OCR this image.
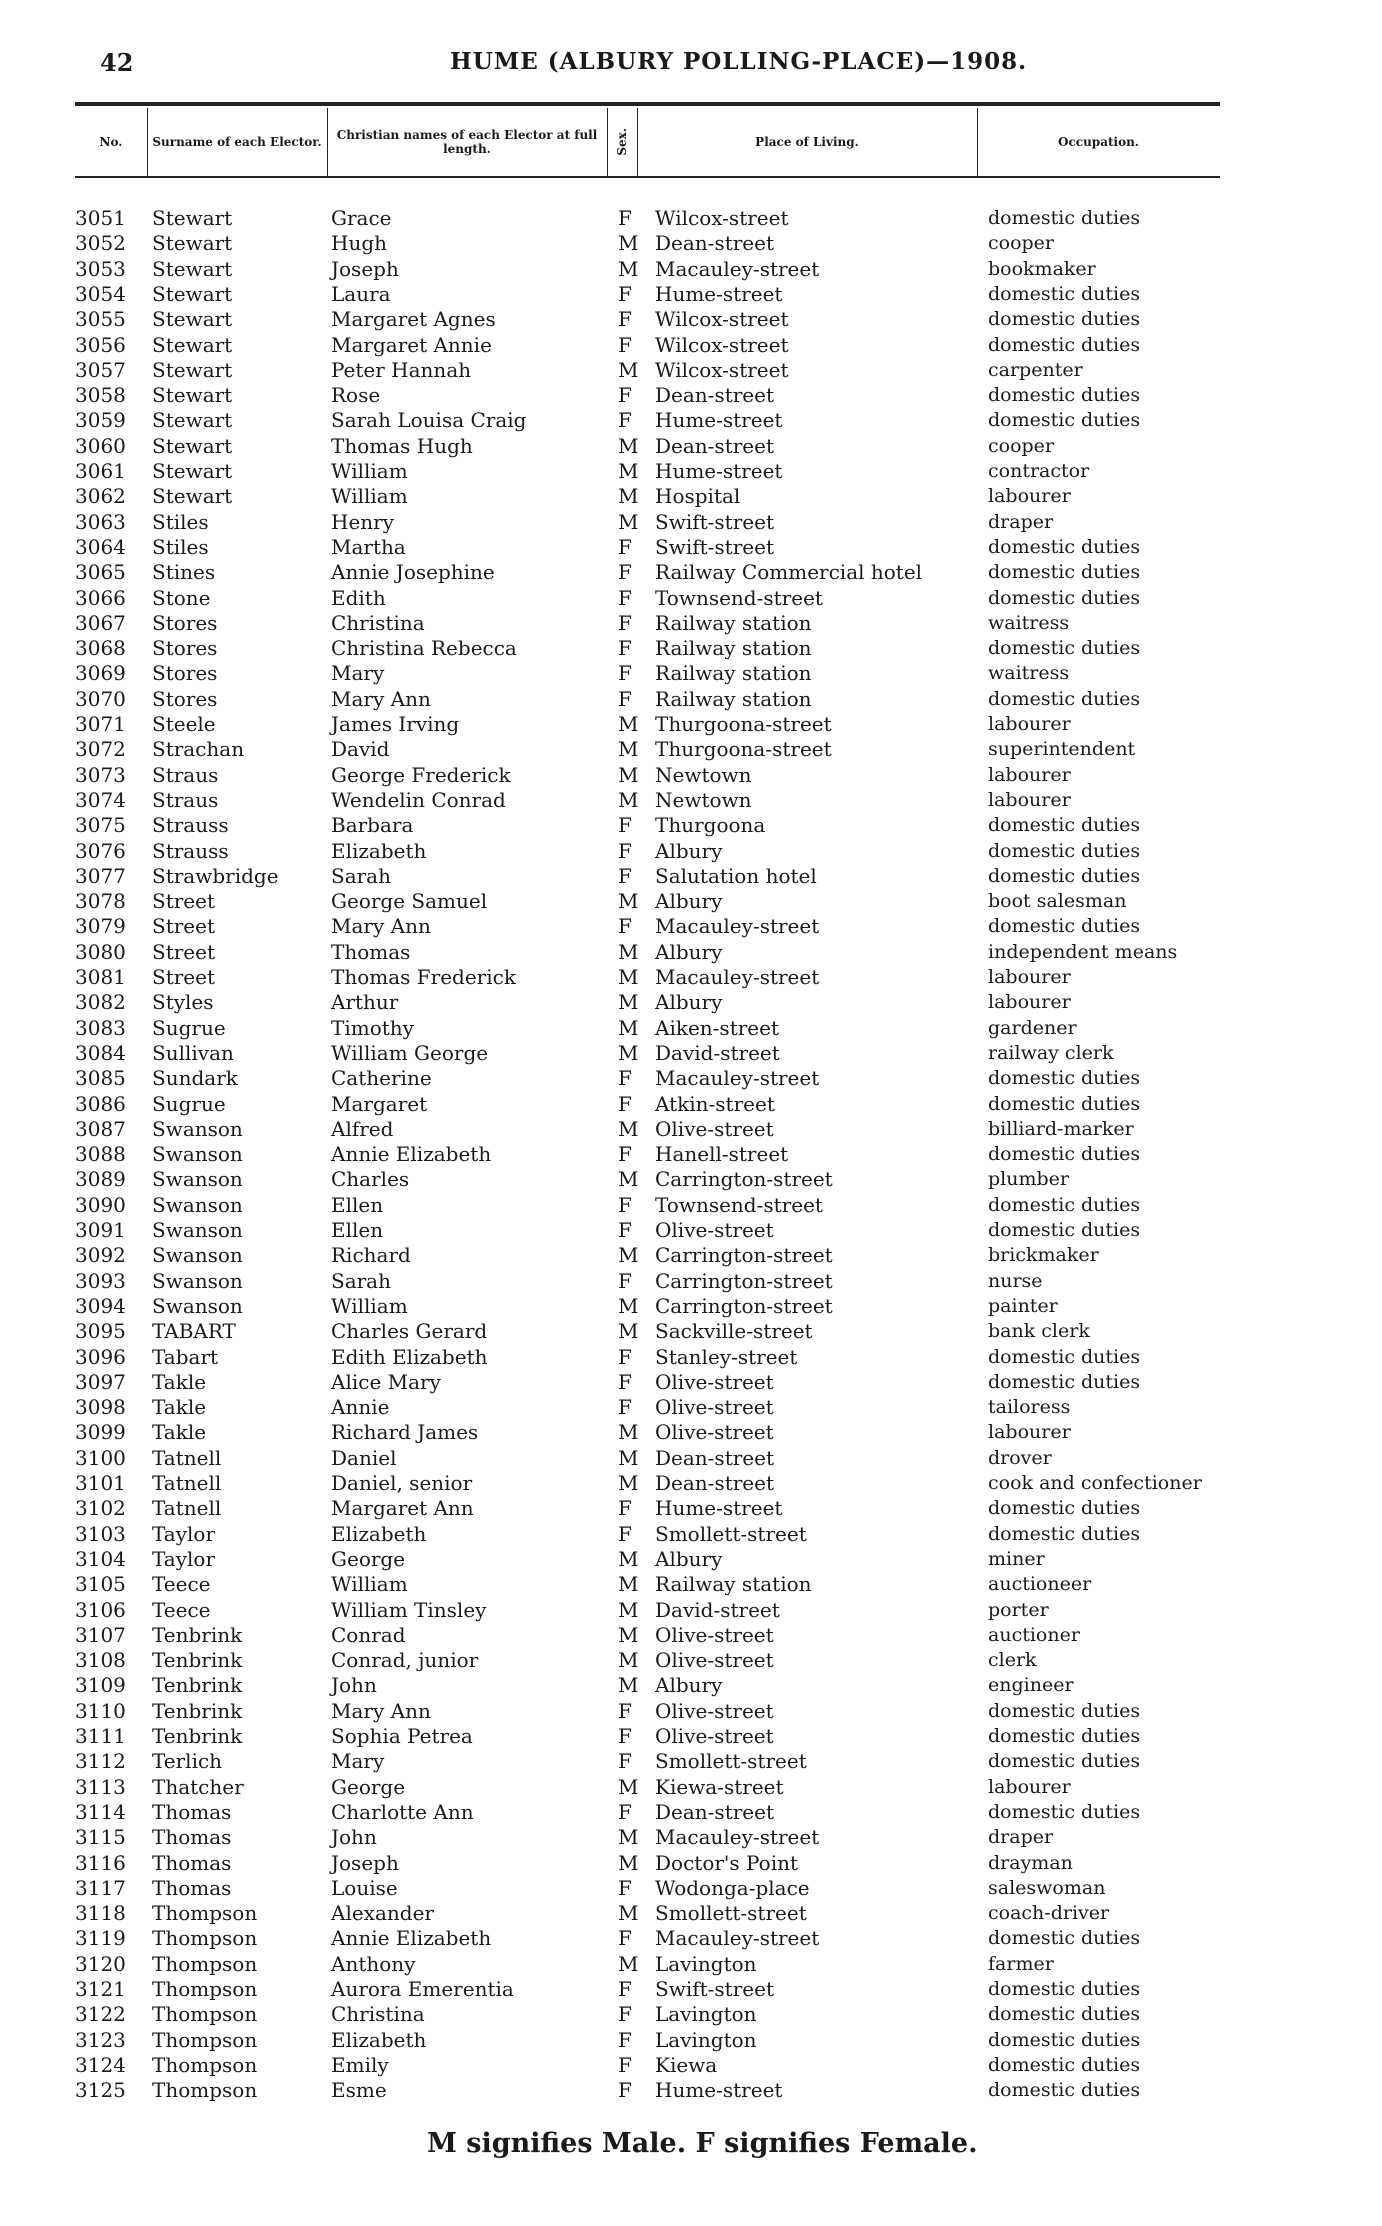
42	HUME (ALBURY POLLING-PLACE)—1908.
No.	Surname of each Elector.	Christian names of each Elector at full length.	Sex.	Place of Living.	Occupation.
3051 Stewart	Grace	F Wilcox-street	domestic duties
3052 Stewart	Hugh	M Dean-street	cooper
3053 Stewart	Joseph	M Macauley-street	bookmaker
3054 Stewart	Laura	F Hume-street	domestic duties
3055 Stewart	Margaret Agnes	F Wilcox-street	domestic duties
3056 Stewart	Margaret Annie	F Wilcox-street	domestic duties
3057 Stewart	Peter Hannah	M Wilcox-street	carpenter
3058 Stewart	Rose	F Dean-street	domestic duties
3059 Stewart	Sarah Louisa Craig	F Hume-street	domestic duties
3060 Stewart	Thomas Hugh	M Dean-street	cooper
3061 Stewart	William	M Hume-street	contractor
3062 Stewart	William	M Hospital	labourer
3063 Stiles	Henry	M Swift-street	draper
3064 Stiles	Martha	F Swift-street	domestic duties
3065 Stines	Annie Josephine	F Railway Commercial hotel	domestic duties
3066 Stone	Edith	F Townsend-street	domestic duties
3067 Stores	Christina	F Railway station	waitress
3068 Stores	Christina Rebecca	F Railway station	domestic duties
3069 Stores	Mary	F Railway station	waitress
3070 Stores	Mary Ann	F Railway station	domestic duties
3071 Steele	James Irving	M Thurgoona-street	labourer
3072 Strachan	David	M Thurgoona-street	superintendent
3073 Straus	George Frederick	M Newtown	labourer
3074 Straus	Wendelin Conrad	M Newtown	labourer
3075 Strauss	Barbara	F Thurgoona	domestic duties
3076 Strauss	Elizabeth	F Albury	domestic duties
3077 Strawbridge	Sarah	F Salutation hotel	domestic duties
3078 Street	George Samuel	M Albury	boot salesman
3079 Street	Mary Ann	F Macauley-street	domestic duties
3080 Street	Thomas	M Albury	independent means
3081 Street	Thomas Frederick	M Macauley-street	labourer
3082 Styles	Arthur	M Albury	labourer
3083 Sugrue	Timothy	M Aiken-street	gardener
3084 Sullivan	William George	M David-street	railway clerk
3085 Sundark	Catherine	F Macauley-street	domestic duties
3086 Sugrue	Margaret	F Atkin-street	domestic duties
3087 Swanson	Alfred	M Olive-street	billiard-marker
3088 Swanson	Annie Elizabeth	F Hanell-street	domestic duties
3089 Swanson	Charles	M Carrington-street	plumber
3090 Swanson	Ellen	F Townsend-street	domestic duties
3091 Swanson	Ellen	F Olive-street	domestic duties
3092 Swanson	Richard	M Carrington-street	brickmaker
3093 Swanson	Sarah	F Carrington-street	nurse
3094 Swanson	William	M Carrington-street	painter
3095 TABART	Charles Gerard	M Sackville-street	bank clerk
3096 Tabart	Edith Elizabeth	F Stanley-street	domestic duties
3097 Takle	Alice Mary	F Olive-street	domestic duties
3098 Takle	Annie	F Olive-street	tailoress
3099 Takle	Richard James	M Olive-street	labourer
3100 Tatnell	Daniel	M Dean-street	drover
3101 Tatnell	Daniel, senior	M Dean-street	cook and confectioner
3102 Tatnell	Margaret Ann	F Hume-street	domestic duties
3103 Taylor	Elizabeth	F Smollett-street	domestic duties
3104 Taylor	George	M Albury	miner
3105 Teece	William	M Railway station	auctioneer
3106 Teece	William Tinsley	M David-street	porter
3107 Tenbrink	Conrad	M Olive-street	auctioner
3108 Tenbrink	Conrad, junior	M Olive-street	clerk
3109 Tenbrink	John	M Albury	engineer
3110 Tenbrink	Mary Ann	F Olive-street	domestic duties
3111 Tenbrink	Sophia Petrea	F Olive-street	domestic duties
3112 Terlich	Mary	F Smollett-street	domestic duties
3113 Thatcher	George	M Kiewa-street	labourer
3114 Thomas	Charlotte Ann	F Dean-street	domestic duties
3115 Thomas	John	M Macauley-street	draper
3116 Thomas	Joseph	M Doctor's Point	drayman
3117 Thomas	Louise	F Wodonga-place	saleswoman
3118 Thompson	Alexander	M Smollett-street	coach-driver
3119 Thompson	Annie Elizabeth	F Macauley-street	domestic duties
3120 Thompson	Anthony	M Lavington	farmer
3121 Thompson	Aurora Emerentia	F Swift-street	domestic duties
3122 Thompson	Christina	F Lavington	domestic duties
3123 Thompson	Elizabeth	F Lavington	domestic duties
3124 Thompson	Emily	F Kiewa	domestic duties
3125 Thompson	Esme	F Hume-street	domestic duties
M signifies Male. F signifies Female.
